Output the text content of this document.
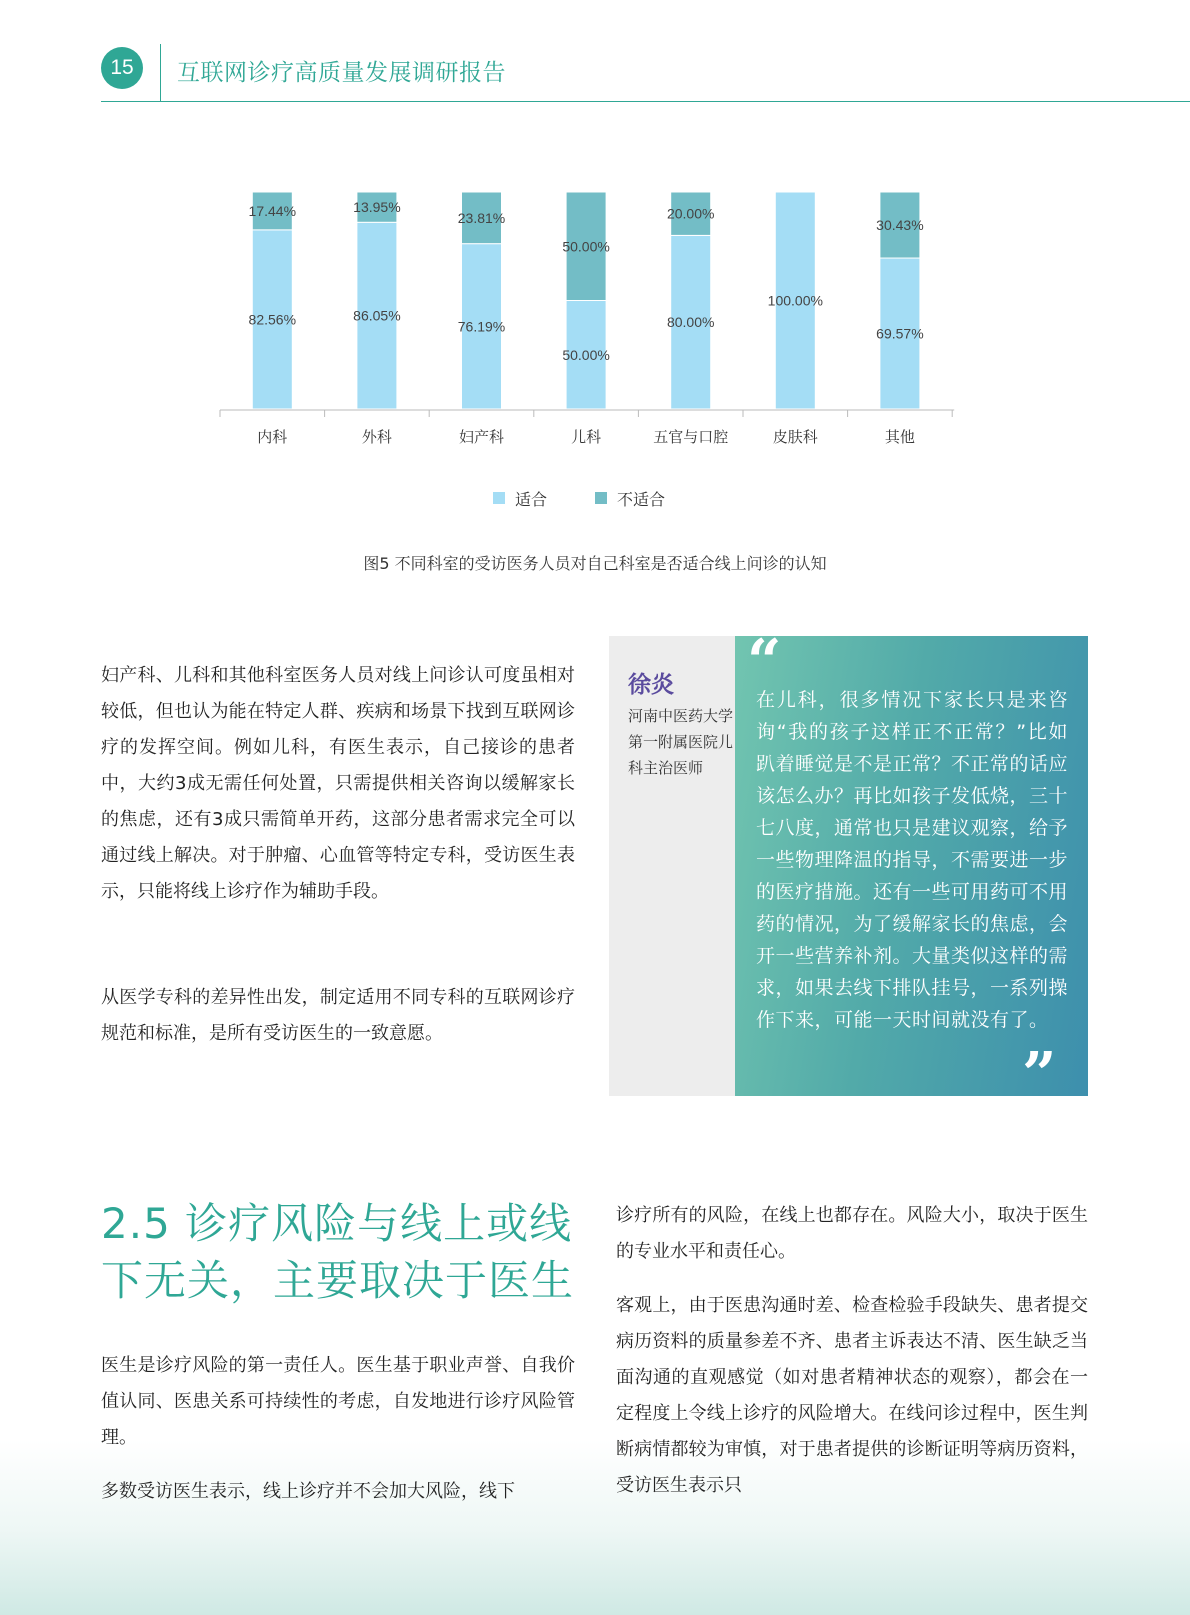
15	互联网诊疗高质量发展调研报告
82.56%
17.44%
86.05%
13.95%
76.19%
23.81%
50.00%
50.00%
80.00%
20.00%
100.00%
69.57%
30.43%
内科	外科	妇产科	儿科	五官与口腔	皮肤科	其他
适合	不适合
图5 不同科室的受访医务人员对自己科室是否适合线上问诊的认知
妇产科、儿科和其他科室医务人员对线上问诊认可度虽相对较低，但也认为能在特定人群、疾病和场景下找到互联网诊疗的发挥空间。例如儿科，有医生表示，自己接诊的患者中，大约3成无需任何处置，只需提供相关咨询以缓解家长的焦虑，还有3成只需简单开药，这部分患者需求完全可以通过线上解决。对于肿瘤、心血管等特定专科，受访医生表示，只能将线上诊疗作为辅助手段。
从医学专科的差异性出发，制定适用不同专科的互联网诊疗规范和标准，是所有受访医生的一致意愿。
徐炎
河南中医药大学第一附属医院儿科主治医师
“
在儿科，很多情况下家长只是来咨询“我的孩子这样正不正常？”比如趴着睡觉是不是正常？不正常的话应该怎么办？再比如孩子发低烧，三十七八度，通常也只是建议观察，给予一些物理降温的指导，不需要进一步的医疗措施。还有一些可用药可不用药的情况，为了缓解家长的焦虑，会开一些营养补剂。大量类似这样的需求，如果去线下排队挂号，一系列操作下来，可能一天时间就没有了。
”
2.5 诊疗风险与线上或线下无关，主要取决于医生
医生是诊疗风险的第一责任人。医生基于职业声誉、自我价值认同、医患关系可持续性的考虑，自发地进行诊疗风险管理。
多数受访医生表示，线上诊疗并不会加大风险，线下
诊疗所有的风险，在线上也都存在。风险大小，取决于医生的专业水平和责任心。
客观上，由于医患沟通时差、检查检验手段缺失、患者提交病历资料的质量参差不齐、患者主诉表达不清、医生缺乏当面沟通的直观感觉（如对患者精神状态的观察），都会在一定程度上令线上诊疗的风险增大。在线问诊过程中，医生判断病情都较为审慎，对于患者提供的诊断证明等病历资料，受访医生表示只
